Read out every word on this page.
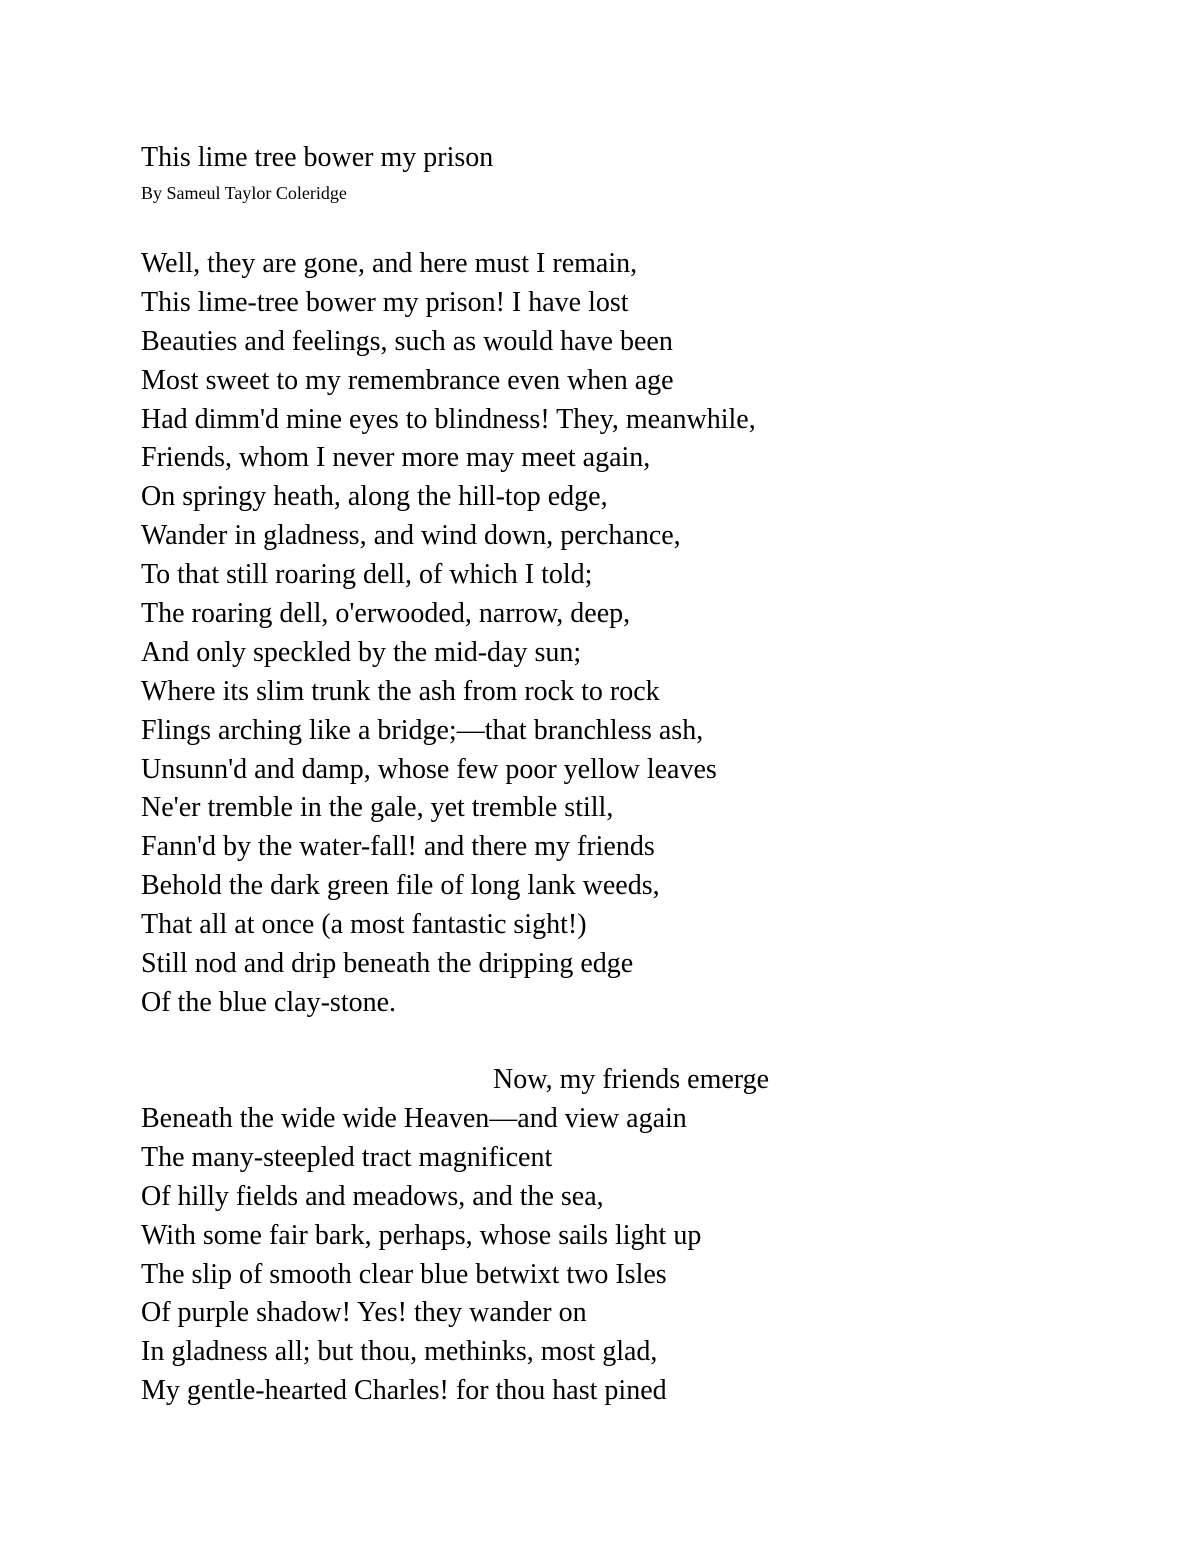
This lime tree bower my prison
By Sameul Taylor Coleridge
Well, they are gone, and here must I remain,
This lime-tree bower my prison! I have lost
Beauties and feelings, such as would have been
Most sweet to my remembrance even when age
Had dimm'd mine eyes to blindness! They, meanwhile,
Friends, whom I never more may meet again,
On springy heath, along the hill-top edge,
Wander in gladness, and wind down, perchance,
To that still roaring dell, of which I told;
The roaring dell, o'erwooded, narrow, deep,
And only speckled by the mid-day sun;
Where its slim trunk the ash from rock to rock
Flings arching like a bridge;—that branchless ash,
Unsunn'd and damp, whose few poor yellow leaves
Ne'er tremble in the gale, yet tremble still,
Fann'd by the water-fall! and there my friends
Behold the dark green file of long lank weeds,
That all at once (a most fantastic sight!)
Still nod and drip beneath the dripping edge
Of the blue clay-stone.
Now, my friends emerge
Beneath the wide wide Heaven—and view again
The many-steepled tract magnificent
Of hilly fields and meadows, and the sea,
With some fair bark, perhaps, whose sails light up
The slip of smooth clear blue betwixt two Isles
Of purple shadow! Yes! they wander on
In gladness all; but thou, methinks, most glad,
My gentle-hearted Charles! for thou hast pined
